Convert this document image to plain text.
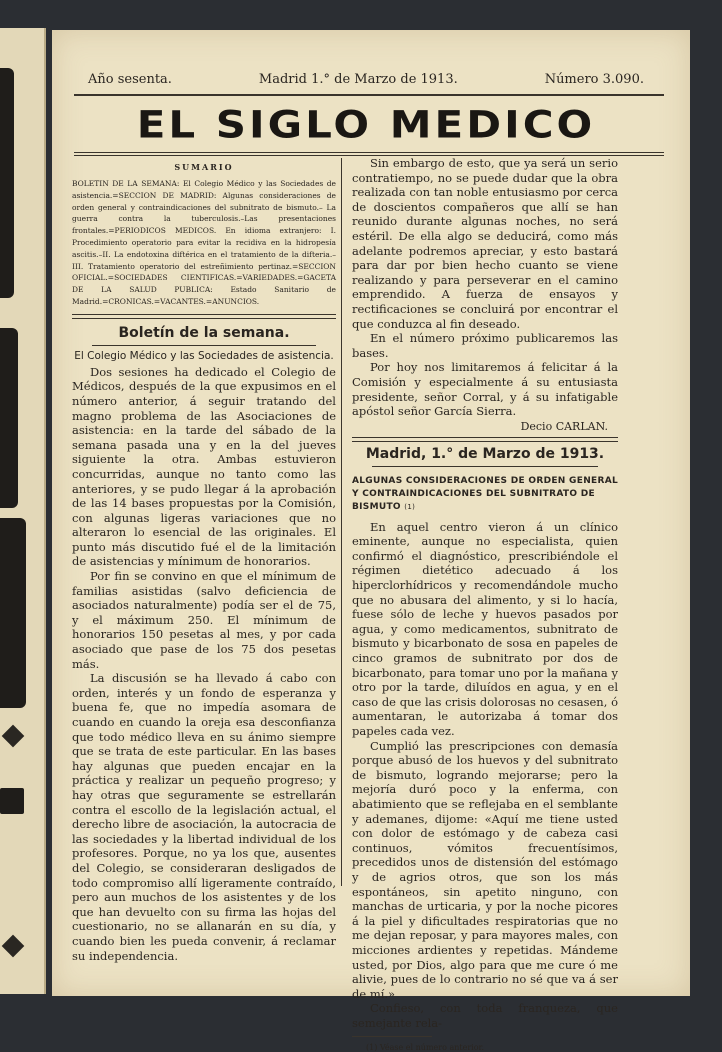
Año sesenta.	Madrid 1.° de Marzo de 1913.	Número 3.090.
EL SIGLO MEDICO
SUMARIO
BOLETIN DE LA SEMANA: El Colegio Médico y las Sociedades de asistencia.=SECCION DE MADRID: Algunas consideraciones de orden general y contraindicaciones del subnitrato de bismuto.– La guerra contra la tuberculosis.–Las presentaciones frontales.=PERIODICOS MEDICOS. En idioma extranjero: I. Procedimiento operatorio para evitar la recidiva en la hidropesía ascitis.–II. La endotoxina diftérica en el tratamiento de la difteria.–III. Tratamiento operatorio del estreñimiento pertinaz.=SECCION OFICIAL.=SOCIEDADES CIENTIFICAS.=VARIEDADES.=GACETA DE LA SALUD PUBLICA: Estado Sanitario de Madrid.=CRONICAS.=VACANTES.=ANUNCIOS.
Boletín de la semana.
El Colegio Médico y las Sociedades de asistencia.

Dos sesiones ha dedicado el Colegio de Médicos, después de la que expusimos en el número anterior, á seguir tratando del magno problema de las Asociaciones de asistencia: en la tarde del sábado de la semana pasada una y en la del jueves siguiente la otra. Ambas estuvieron concurridas, aunque no tanto como las anteriores, y se pudo llegar á la aprobación de las 14 bases propuestas por la Comisión, con algunas ligeras variaciones que no alteraron lo esencial de las originales. El punto más discutido fué el de la limitación de asistencias y mínimum de honorarios.

Por fin se convino en que el mínimum de familias asistidas (salvo deficiencia de asociados naturalmente) podía ser el de 75, y el máximum 250. El mínimum de honorarios 150 pesetas al mes, y por cada asociado que pase de los 75 dos pesetas más.

La discusión se ha llevado á cabo con orden, interés y un fondo de esperanza y buena fe, que no impedía asomara de cuando en cuando la oreja esa desconfianza que todo médico lleva en su ánimo siempre que se trata de este particular. En las bases hay algunas que pueden encajar en la práctica y realizar un pequeño progreso; y hay otras que seguramente se estrellarán contra el escollo de la legislación actual, el derecho libre de asociación, la autocracia de las sociedades y la libertad individual de los profesores. Porque, no ya los que, ausentes del Colegio, se consideraran desligados de todo compromiso allí ligeramente contraído, pero aun muchos de los asistentes y de los que han devuelto con su firma las hojas del cuestionario, no se allanarán en su día, y cuando bien les pueda convenir, á reclamar su independencia.

Sin embargo de esto, que ya será un serio contratiempo, no se puede dudar que la obra realizada con tan noble entusiasmo por cerca de doscientos compañeros que allí se han reunido durante algunas noches, no será estéril. De ella algo se deducirá, como más adelante podremos apreciar, y esto bastará para dar por bien hecho cuanto se viene realizando y para perseverar en el camino emprendido. A fuerza de ensayos y rectificaciones se concluirá por encontrar el que conduzca al fin deseado.

En el número próximo publicaremos las bases.

Por hoy nos limitaremos á felicitar á la Comisión y especialmente á su entusiasta presidente, señor Corral, y á su infatigable apóstol señor García Sierra.

Decio CARLAN.
Madrid, 1.° de Marzo de 1913.
ALGUNAS CONSIDERACIONES DE ORDEN GENERAL Y CONTRAINDICACIONES DEL SUBNITRATO DE BISMUTO (1)

En aquel centro vieron á un clínico eminente, aunque no especialista, quien confirmó el diagnóstico, prescribiéndole el régimen dietético adecuado á los hiperclorhídricos y recomendándole mucho que no abusara del alimento, y si lo hacía, fuese sólo de leche y huevos pasados por agua, y como medicamentos, subnitrato de bismuto y bicarbonato de sosa en papeles de cinco gramos de subnitrato por dos de bicarbonato, para tomar uno por la mañana y otro por la tarde, diluídos en agua, y en el caso de que las crisis dolorosas no cesasen, ó aumentaran, le autorizaba á tomar dos papeles cada vez.

Cumplió las prescripciones con demasía porque abusó de los huevos y del subnitrato de bismuto, logrando mejorarse; pero la mejoría duró poco y la enferma, con abatimiento que se reflejaba en el semblante y ademanes, dijome: «Aquí me tiene usted con dolor de estómago y de cabeza casi continuos, vómitos frecuentísimos, precedidos unos de distensión del estómago y de agrios otros, que son los más espontáneos, sin apetito ninguno, con manchas de urticaria, y por la noche picores á la piel y dificultades respiratorias que no me dejan reposar, y para mayores males, con micciones ardientes y repetidas. Mándeme usted, por Dios, algo para que me cure ó me alivie, pues de lo contrario no sé que va á ser de mí.»

Confieso, con toda franqueza, que semejante rela-

(1) Véase el número anterior.
